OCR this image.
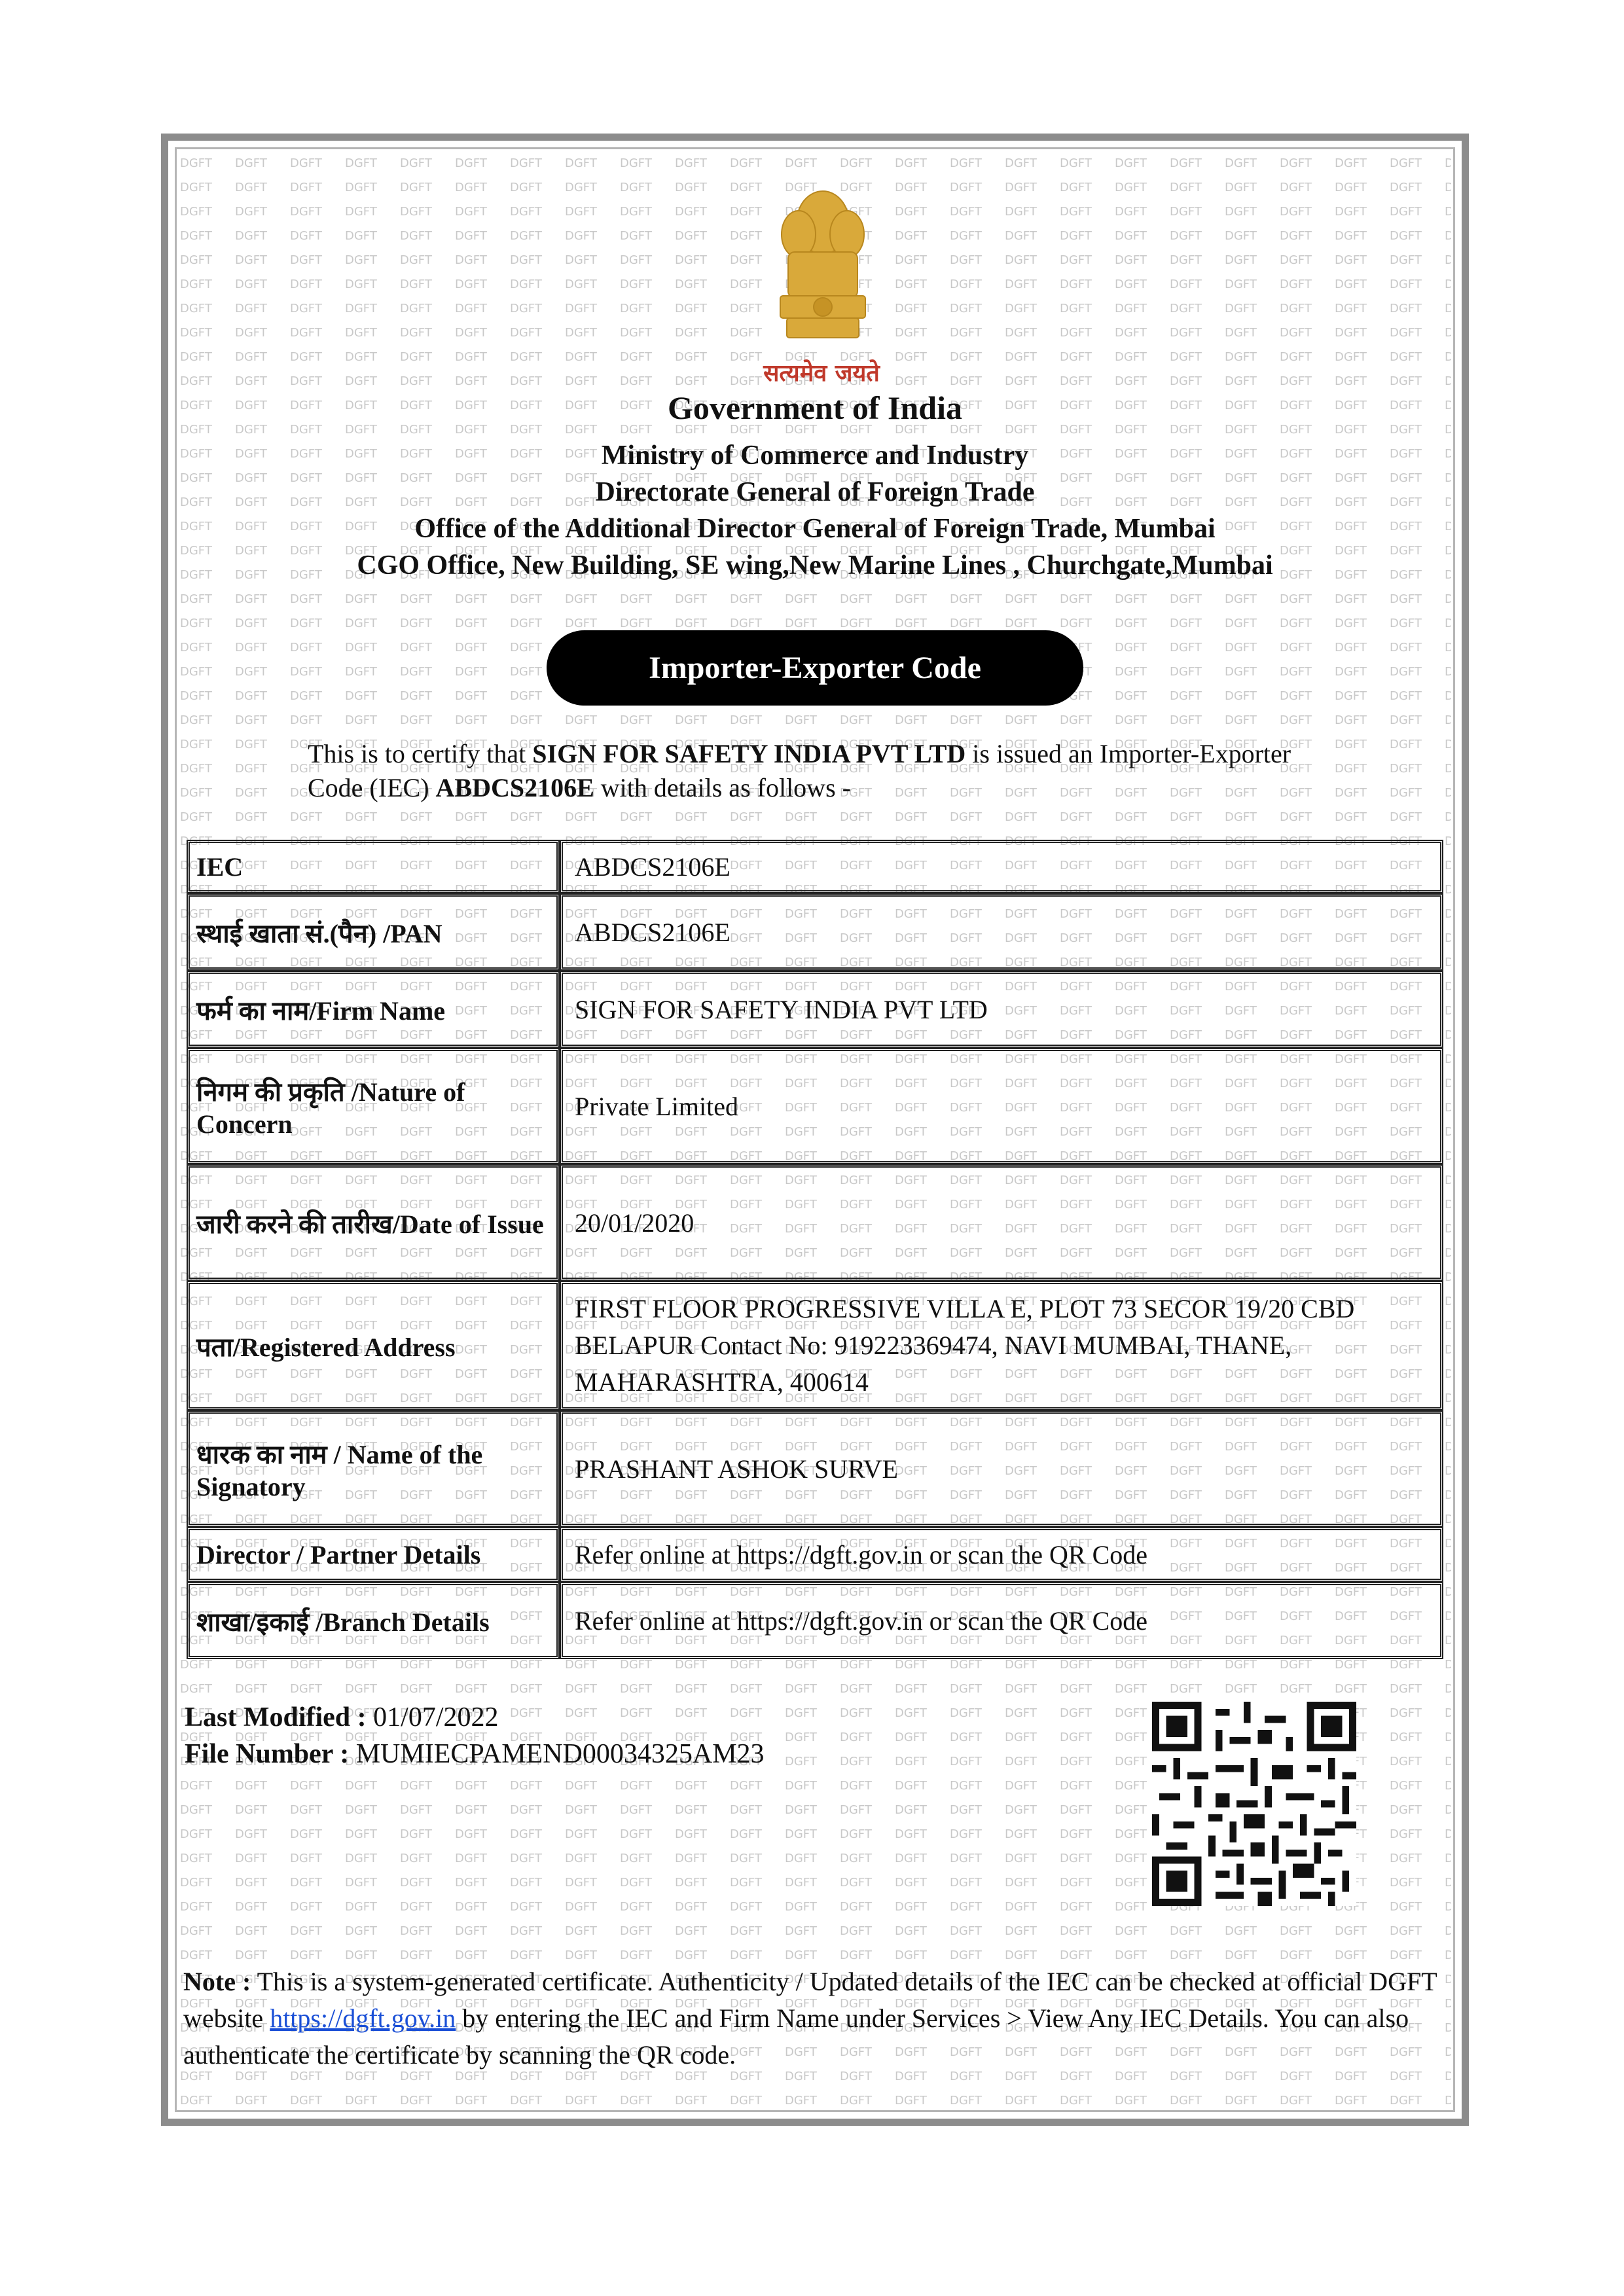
सत्यमेव जयते
Government of India
Ministry of Commerce and Industry
Directorate General of Foreign Trade
Office of the Additional Director General of Foreign Trade, Mumbai
CGO Office, New Building, SE wing,New Marine Lines , Churchgate,Mumbai
Importer-Exporter Code
This is to certify that SIGN FOR SAFETY INDIA PVT LTD is issued an Importer-Exporter Code (IEC) ABDCS2106E with details as follows -
IEC	ABDCS2106E
स्थाई खाता सं.(पैन) /PAN	ABDCS2106E
फर्म का नाम/Firm Name	SIGN FOR SAFETY INDIA PVT LTD
निगम की प्रकृति /Nature of Concern	Private Limited
जारी करने की तारीख/Date of Issue	20/01/2020
पता/Registered Address	FIRST FLOOR PROGRESSIVE VILLA E, PLOT 73 SECOR 19/20 CBD BELAPUR Contact No: 919223369474, NAVI MUMBAI, THANE, MAHARASHTRA, 400614
धारक का नाम / Name of the Signatory	PRASHANT ASHOK SURVE
Director / Partner Details	Refer online at https://dgft.gov.in or scan the QR Code
शाखा/इकाई /Branch Details	Refer online at https://dgft.gov.in or scan the QR Code
Last Modified : 01/07/2022
File Number : MUMIECPAMEND00034325AM23
Note : This is a system-generated certificate. Authenticity / Updated details of the IEC can be checked at official DGFT website https://dgft.gov.in by entering the IEC and Firm Name under Services > View Any IEC Details. You can also authenticate the certificate by scanning the QR code.
